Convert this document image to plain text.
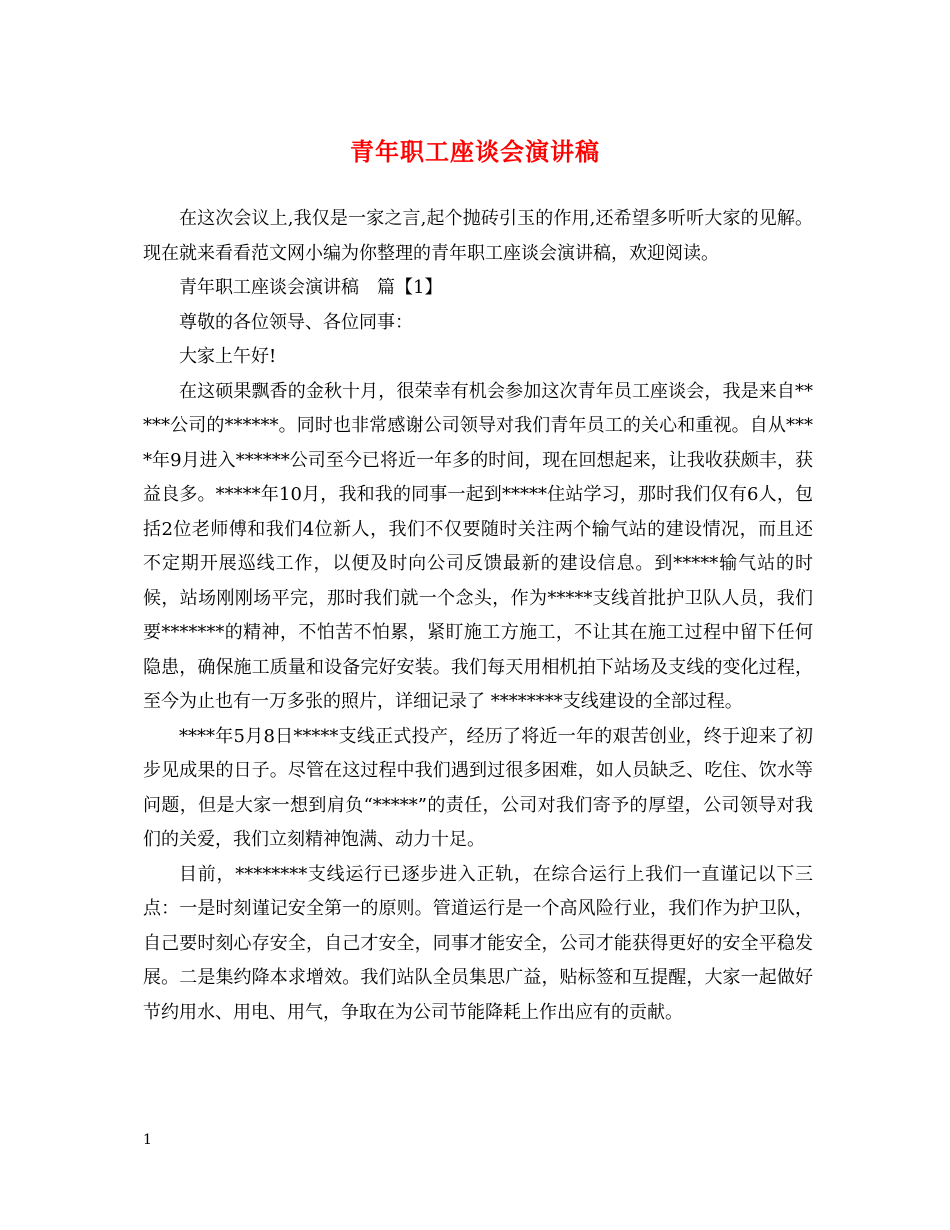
青年职工座谈会演讲稿

在这次会议上,我仅是一家之言,起个抛砖引玉的作用,还希望多听听大家的见解。现在就来看看范文网小编为你整理的青年职工座谈会演讲稿，欢迎阅读。

青年职工座谈会演讲稿　篇【1】

尊敬的各位领导、各位同事：

大家上午好!

在这硕果飘香的金秋十月，很荣幸有机会参加这次青年员工座谈会，我是来自*****公司的******。同时也非常感谢公司领导对我们青年员工的关心和重视。自从****年9月进入******公司至今已将近一年多的时间，现在回想起来，让我收获颇丰，获益良多。*****年10月，我和我的同事一起到*****住站学习，那时我们仅有6人，包括2位老师傅和我们4位新人，我们不仅要随时关注两个输气站的建设情况，而且还不定期开展巡线工作，以便及时向公司反馈最新的建设信息。到*****输气站的时候，站场刚刚场平完，那时我们就一个念头，作为*****支线首批护卫队人员，我们要*******的精神，不怕苦不怕累，紧盯施工方施工，不让其在施工过程中留下任何隐患，确保施工质量和设备完好安装。我们每天用相机拍下站场及支线的变化过程，至今为止也有一万多张的照片，详细记录了 ********支线建设的全部过程。

****年5月8日*****支线正式投产，经历了将近一年的艰苦创业，终于迎来了初步见成果的日子。尽管在这过程中我们遇到过很多困难，如人员缺乏、吃住、饮水等问题，但是大家一想到肩负“*****”的责任，公司对我们寄予的厚望，公司领导对我们的关爱，我们立刻精神饱满、动力十足。

目前，********支线运行已逐步进入正轨，在综合运行上我们一直谨记以下三点：一是时刻谨记安全第一的原则。管道运行是一个高风险行业，我们作为护卫队，自己要时刻心存安全，自己才安全，同事才能安全，公司才能获得更好的安全平稳发展。二是集约降本求增效。我们站队全员集思广益，贴标签和互提醒，大家一起做好节约用水、用电、用气，争取在为公司节能降耗上作出应有的贡献。

1
